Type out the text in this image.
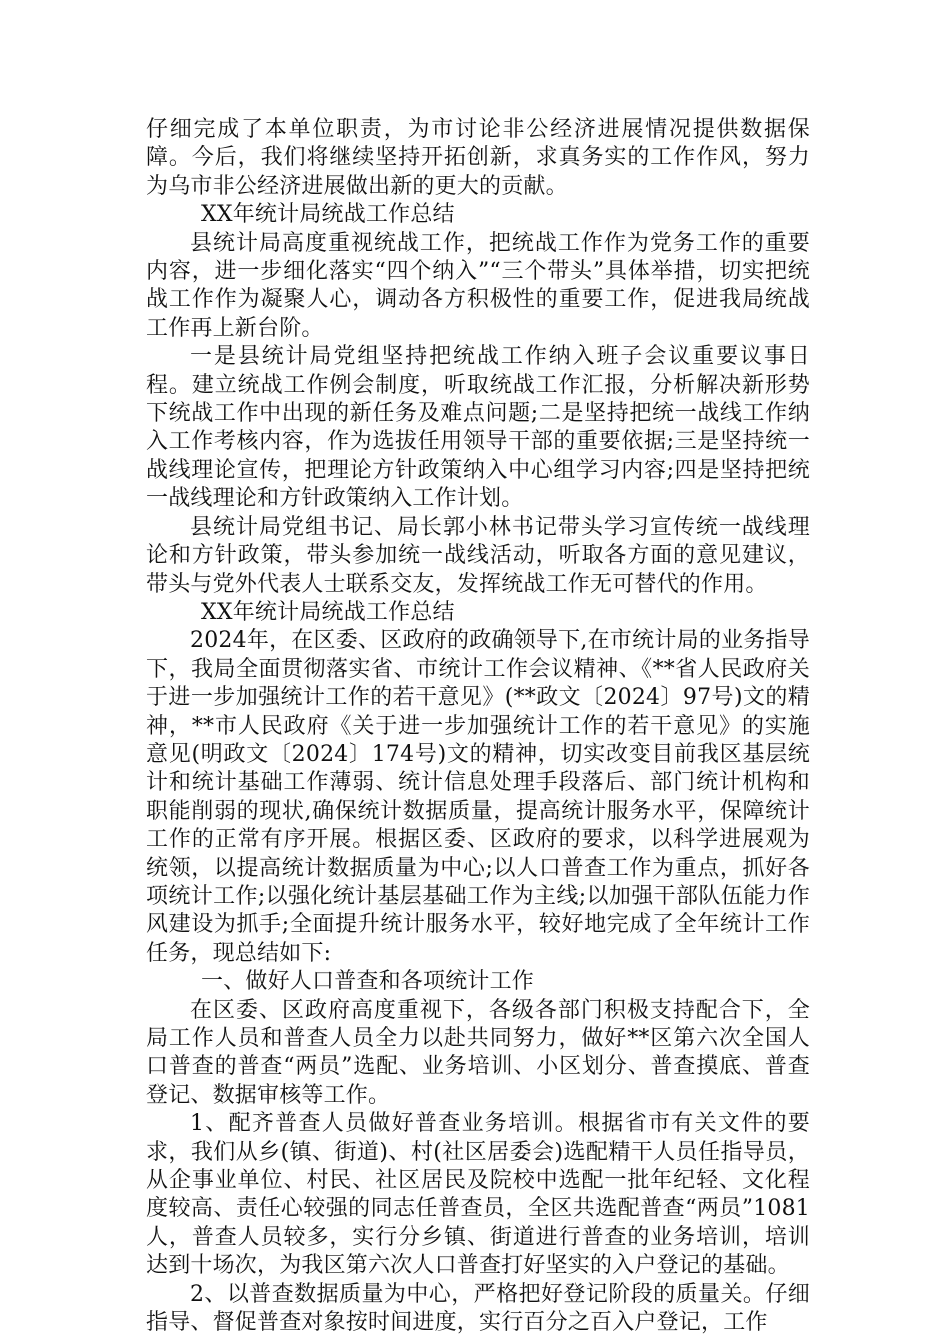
仔细完成了本单位职责，为市讨论非公经济进展情况提供数据保障。今后，我们将继续坚持开拓创新，求真务实的工作作风，努力为乌市非公经济进展做出新的更大的贡献。

XX年统计局统战工作总结

县统计局高度重视统战工作，把统战工作作为党务工作的重要内容，进一步细化落实“四个纳入”“三个带头”具体举措，切实把统战工作作为凝聚人心，调动各方积极性的重要工作，促进我局统战工作再上新台阶。

一是县统计局党组坚持把统战工作纳入班子会议重要议事日程。建立统战工作例会制度，听取统战工作汇报，分析解决新形势下统战工作中出现的新任务及难点问题;二是坚持把统一战线工作纳入工作考核内容，作为选拔任用领导干部的重要依据;三是坚持统一战线理论宣传，把理论方针政策纳入中心组学习内容;四是坚持把统一战线理论和方针政策纳入工作计划。

县统计局党组书记、局长郭小林书记带头学习宣传统一战线理论和方针政策，带头参加统一战线活动，听取各方面的意见建议，带头与党外代表人士联系交友，发挥统战工作无可替代的作用。

XX年统计局统战工作总结

2024年，在区委、区政府的政确领导下,在市统计局的业务指导下，我局全面贯彻落实省、市统计工作会议精神、《**省人民政府关于进一步加强统计工作的若干意见》(**政文〔2024〕97号)文的精神，**市人民政府《关于进一步加强统计工作的若干意见》的实施意见(明政文〔2024〕174号)文的精神，切实改变目前我区基层统计和统计基础工作薄弱、统计信息处理手段落后、部门统计机构和职能削弱的现状,确保统计数据质量，提高统计服务水平，保障统计工作的正常有序开展。根据区委、区政府的要求，以科学进展观为统领，以提高统计数据质量为中心;以人口普查工作为重点，抓好各项统计工作;以强化统计基层基础工作为主线;以加强干部队伍能力作风建设为抓手;全面提升统计服务水平，较好地完成了全年统计工作任务，现总结如下:

一、做好人口普查和各项统计工作

在区委、区政府高度重视下，各级各部门积极支持配合下，全局工作人员和普查人员全力以赴共同努力，做好**区第六次全国人口普查的普查“两员”选配、业务培训、小区划分、普查摸底、普查登记、数据审核等工作。

1、配齐普查人员做好普查业务培训。根据省市有关文件的要求，我们从乡(镇、街道)、村(社区居委会)选配精干人员任指导员，从企事业单位、村民、社区居民及院校中选配一批年纪轻、文化程度较高、责任心较强的同志任普查员，全区共选配普查“两员”1081人，普查人员较多，实行分乡镇、街道进行普查的业务培训，培训达到十场次，为我区第六次人口普查打好坚实的入户登记的基础。

2、以普查数据质量为中心，严格把好登记阶段的质量关。仔细指导、督促普查对象按时间进度，实行百分之百入户登记，工作
